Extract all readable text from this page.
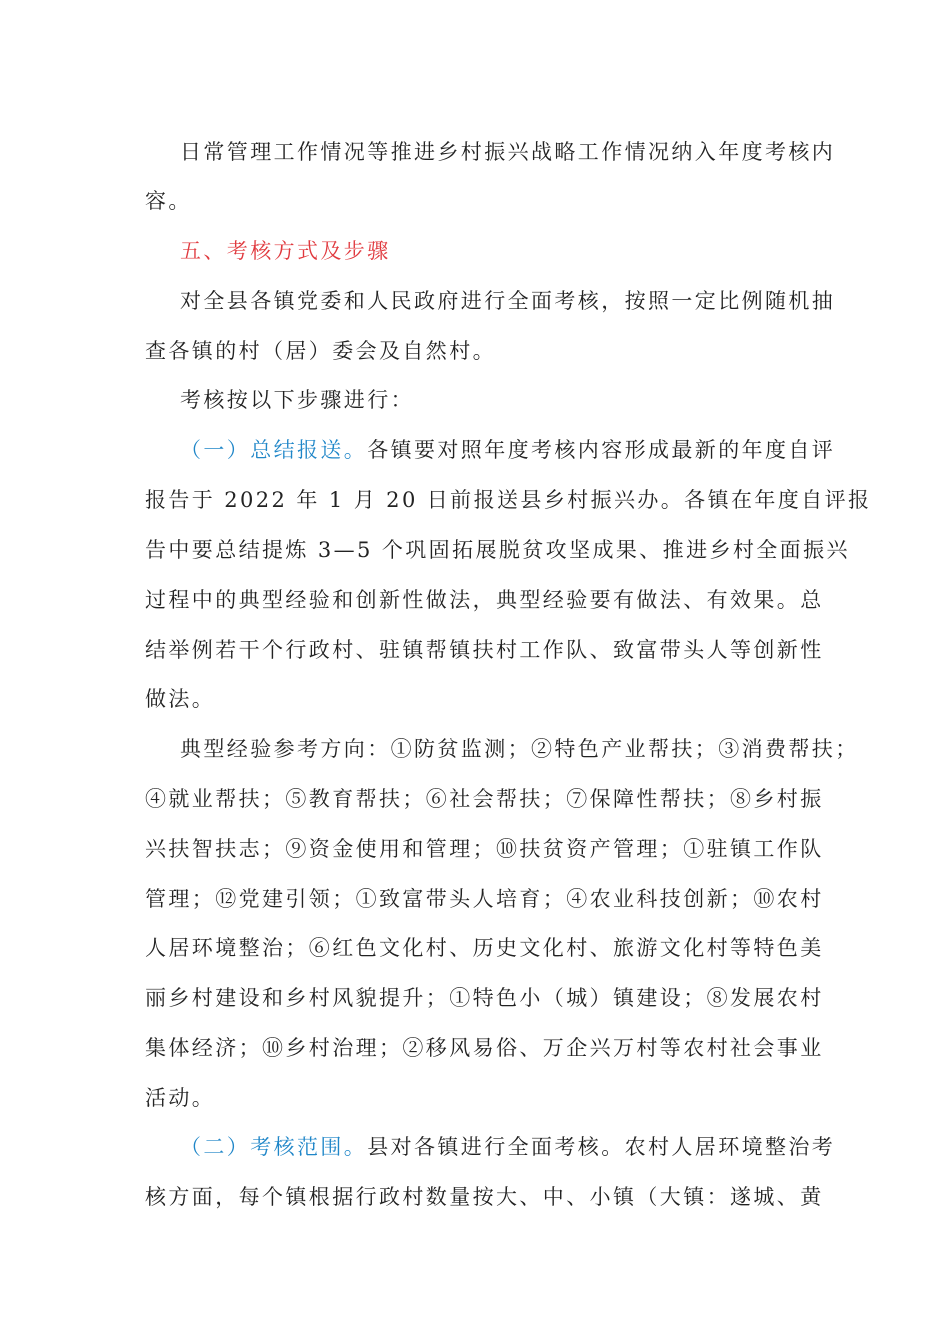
日常管理工作情况等推进乡村振兴战略工作情况纳入年度考核内
容。
五、考核方式及步骤
对全县各镇党委和人民政府进行全面考核，按照一定比例随机抽
查各镇的村（居）委会及自然村。
考核按以下步骤进行：
（一）总结报送。各镇要对照年度考核内容形成最新的年度自评
报告于 2022 年 1 月 20 日前报送县乡村振兴办。各镇在年度自评报
告中要总结提炼 3—5 个巩固拓展脱贫攻坚成果、推进乡村全面振兴
过程中的典型经验和创新性做法，典型经验要有做法、有效果。总
结举例若干个行政村、驻镇帮镇扶村工作队、致富带头人等创新性
做法。
典型经验参考方向：①防贫监测；②特色产业帮扶；③消费帮扶；
④就业帮扶；⑤教育帮扶；⑥社会帮扶；⑦保障性帮扶；⑧乡村振
兴扶智扶志；⑨资金使用和管理；⑩扶贫资产管理；①驻镇工作队
管理；⑫党建引领；①致富带头人培育；④农业科技创新；⑩农村
人居环境整治；⑥红色文化村、历史文化村、旅游文化村等特色美
丽乡村建设和乡村风貌提升；①特色小（城）镇建设；⑧发展农村
集体经济；⑩乡村治理；②移风易俗、万企兴万村等农村社会事业
活动。
（二）考核范围。县对各镇进行全面考核。农村人居环境整治考
核方面，每个镇根据行政村数量按大、中、小镇（大镇：遂城、黄
